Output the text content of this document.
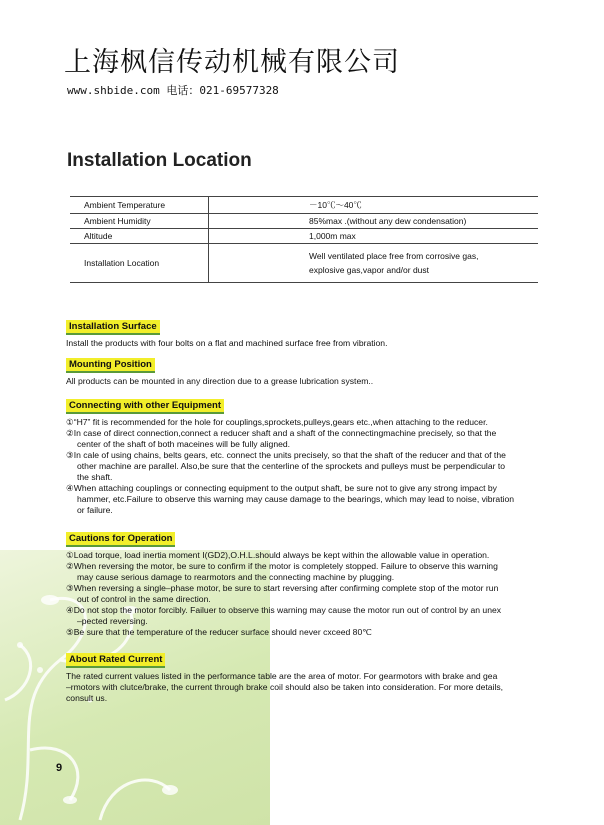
上海枫信传动机械有限公司
www.shbide.com 电话：021-69577328
Installation Location
Ambient Temperature	－10℃～40℃
Ambient Humidity	85%max .(without any dew condensation)
Altitude	1,000m max
Installation Location	Well ventilated place free from corrosive gas,
explosive gas,vapor and/or dust
Installation Surface

Install the products with four bolts on a flat and machined surface free from vibration.

Mounting Position

All products can be mounted in any direction due to a grease lubrication system..

Connecting with other Equipment

①“H7” fit is recommended for the hole for couplings,sprockets,pulleys,gears etc.,when attaching to the reducer.

②In case of direct connection,connect a reducer shaft and a shaft of the connectingmachine precisely, so that the

center of the shaft of both maceines will be fully aligned.

③In cale of using chains, belts gears, etc. connect the units precisely, so that the shaft of the reducer and that of the

other machine are parallel. Also,be sure that the centerline of the sprockets and pulleys must be perpendicular to

the shaft.

④When attaching couplings or connecting equipment to the output shaft, be sure not to give any strong impact by

hammer, etc.Failure to observe this warning may cause damage to the bearings, which may lead to noise, vibration

or failure.

Cautions for Operation

①Load torque, load inertia moment I(GD2),O.H.L.should always be kept within the allowable value in operation.

②When reversing the motor, be sure to confirm if the motor is completely stopped. Failure to observe this warning

may cause serious damage to rearmotors and the connecting machine by plugging.

③When reversing a single–phase motor, be sure to start reversing after confirming complete stop of the motor run

out of control in the same direction.

④Do not stop the motor forcibly. Failuer to observe this warning may cause the motor run out of control by an unex

–pected reversing.

⑤Be sure that the temperature of the reducer surface should never cxceed 80℃

About Rated Current

The rated current values listed in the performance table are the area of motor. For gearmotors with brake and gea

–rmotors with clutce/brake, the current through brake coil should also be taken into consideration. For more details,

consult us.

9
